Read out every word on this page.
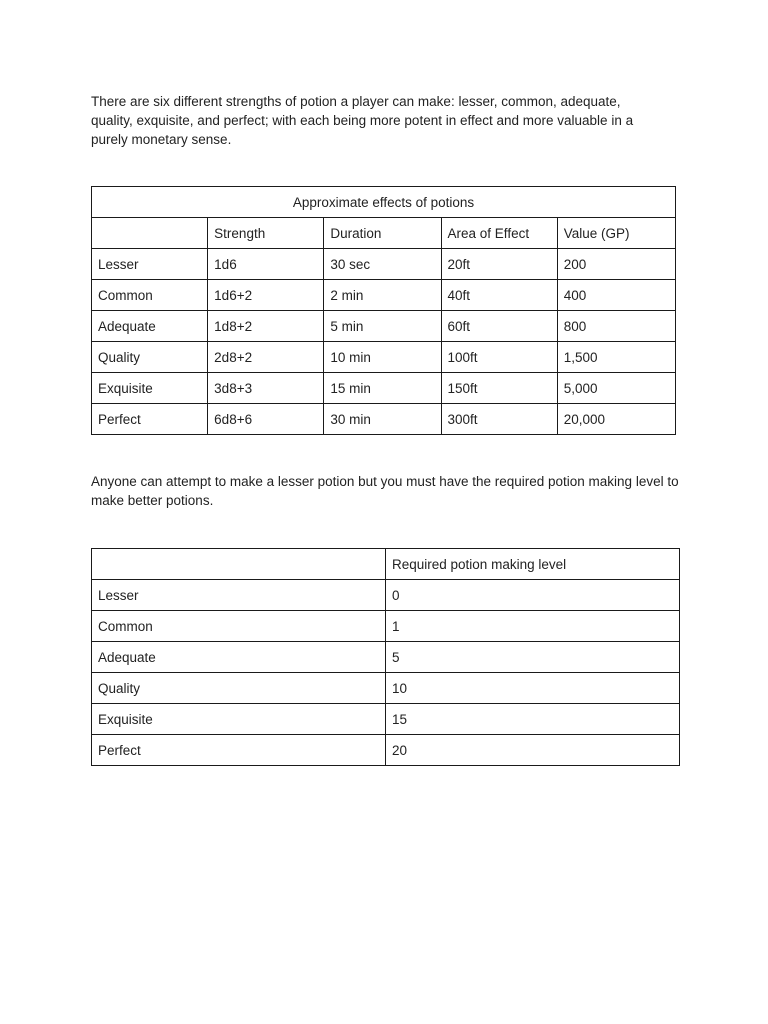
There are six different strengths of potion a player can make: lesser, common, adequate, quality, exquisite, and perfect; with each being more potent in effect and more valuable in a purely monetary sense.

Approximate effects of potions				
	Strength	Duration	Area of Effect	Value (GP)
Lesser	1d6	30 sec	20ft	200
Common	1d6+2	2 min	40ft	400
Adequate	1d8+2	5 min	60ft	800
Quality	2d8+2	10 min	100ft	1,500
Exquisite	3d8+3	15 min	150ft	5,000
Perfect	6d8+6	30 min	300ft	20,000

Anyone can attempt to make a lesser potion but you must have the required potion making level to make better potions.

	Required potion making level
Lesser	0
Common	1
Adequate	5
Quality	10
Exquisite	15
Perfect	20
